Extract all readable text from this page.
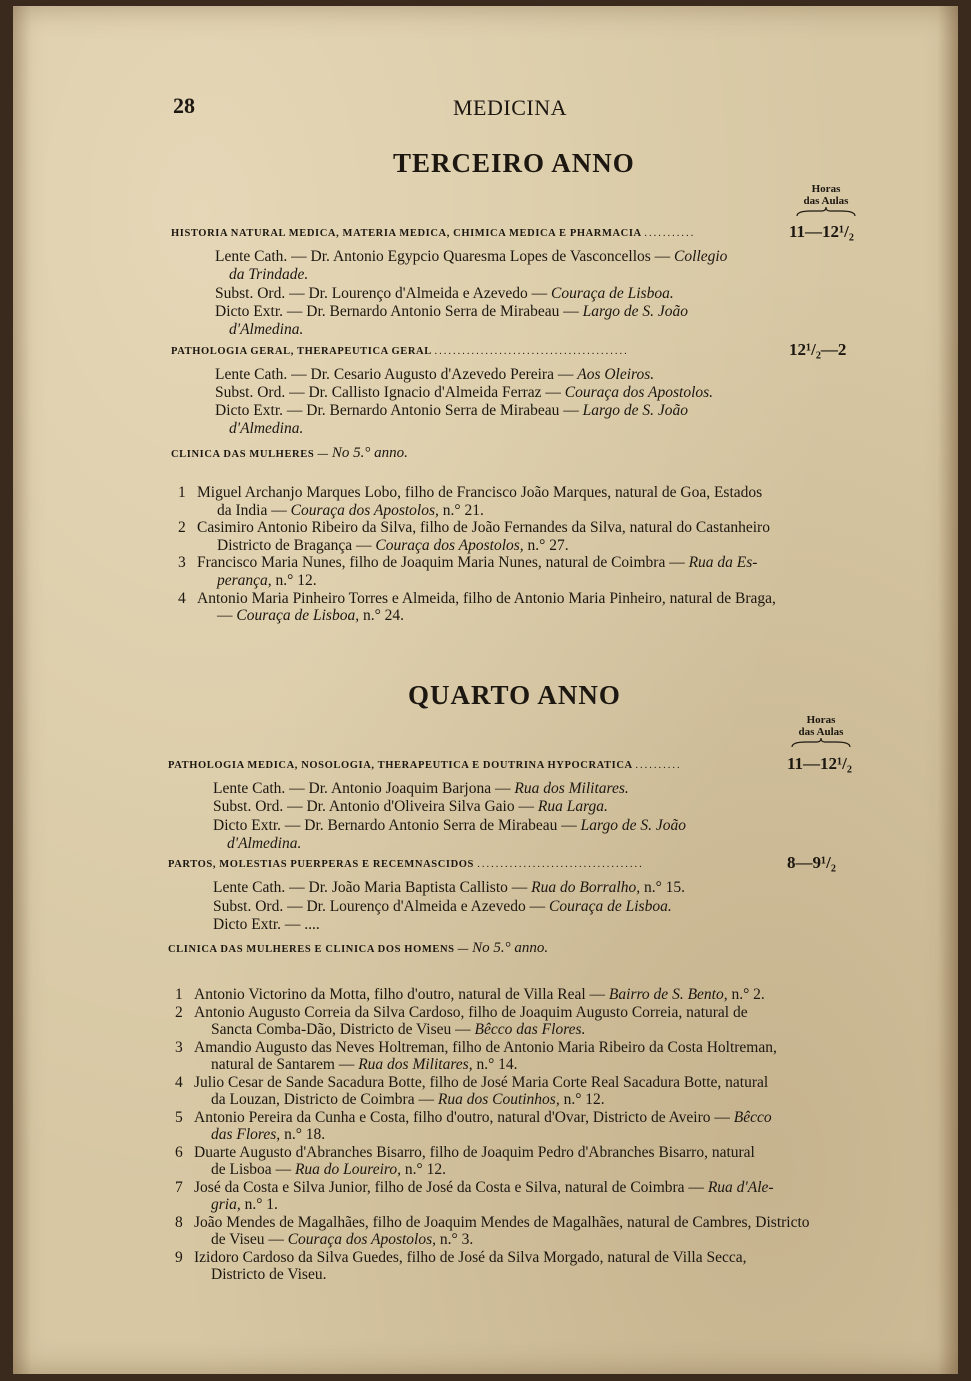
28	MEDICINA
TERCEIRO ANNO
Horas
das Aulas
QUARTO ANNO
Horas
das Aulas
HISTORIA NATURAL MEDICA, MATERIA MEDICA, CHIMICA MEDICA E PHARMACIA ...........	11—12¹/₂
Lente Cath. — Dr. Antonio Egypcio Quaresma Lopes de Vasconcellos — Collegio
da Trindade.
Subst. Ord. — Dr. Lourenço d'Almeida e Azevedo — Couraça de Lisboa.
Dicto Extr. — Dr. Bernardo Antonio Serra de Mirabeau — Largo de S. João
d'Almedina.
PATHOLOGIA GERAL, THERAPEUTICA GERAL ..........................................	12¹/₂—2
Lente Cath. — Dr. Cesario Augusto d'Azevedo Pereira — Aos Oleiros.
Subst. Ord. — Dr. Callisto Ignacio d'Almeida Ferraz — Couraça dos Apostolos.
Dicto Extr. — Dr. Bernardo Antonio Serra de Mirabeau — Largo de S. João
d'Almedina.
CLINICA DAS MULHERES — No 5.° anno.
1 Miguel Archanjo Marques Lobo, filho de Francisco João Marques, natural de Goa, Estados
da India — Couraça dos Apostolos, n.° 21.
2 Casimiro Antonio Ribeiro da Silva, filho de João Fernandes da Silva, natural do Castanheiro
Districto de Bragança — Couraça dos Apostolos, n.° 27.
3 Francisco Maria Nunes, filho de Joaquim Maria Nunes, natural de Coimbra — Rua da Es-
perança, n.° 12.
4 Antonio Maria Pinheiro Torres e Almeida, filho de Antonio Maria Pinheiro, natural de Braga,
— Couraça de Lisboa, n.° 24.
PATHOLOGIA MEDICA, NOSOLOGIA, THERAPEUTICA E DOUTRINA HYPOCRATICA ..........	11—12¹/₂
Lente Cath. — Dr. Antonio Joaquim Barjona — Rua dos Militares.
Subst. Ord. — Dr. Antonio d'Oliveira Silva Gaio — Rua Larga.
Dicto Extr. — Dr. Bernardo Antonio Serra de Mirabeau — Largo de S. João
d'Almedina.
PARTOS, MOLESTIAS PUERPERAS E RECEMNASCIDOS ....................................	8—9¹/₂
Lente Cath. — Dr. João Maria Baptista Callisto — Rua do Borralho, n.° 15.
Subst. Ord. — Dr. Lourenço d'Almeida e Azevedo — Couraça de Lisboa.
Dicto Extr. — ....
CLINICA DAS MULHERES E CLINICA DOS HOMENS — No 5.° anno.
1 Antonio Victorino da Motta, filho d'outro, natural de Villa Real — Bairro de S. Bento, n.° 2.
2 Antonio Augusto Correia da Silva Cardoso, filho de Joaquim Augusto Correia, natural de
Sancta Comba-Dão, Districto de Viseu — Bêcco das Flores.
3 Amandio Augusto das Neves Holtreman, filho de Antonio Maria Ribeiro da Costa Holtreman,
natural de Santarem — Rua dos Militares, n.° 14.
4 Julio Cesar de Sande Sacadura Botte, filho de José Maria Corte Real Sacadura Botte, natural
da Louzan, Districto de Coimbra — Rua dos Coutinhos, n.° 12.
5 Antonio Pereira da Cunha e Costa, filho d'outro, natural d'Ovar, Districto de Aveiro — Bêcco
das Flores, n.° 18.
6 Duarte Augusto d'Abranches Bisarro, filho de Joaquim Pedro d'Abranches Bisarro, natural
de Lisboa — Rua do Loureiro, n.° 12.
7 José da Costa e Silva Junior, filho de José da Costa e Silva, natural de Coimbra — Rua d'Ale-
gria, n.° 1.
8 João Mendes de Magalhães, filho de Joaquim Mendes de Magalhães, natural de Cambres, Districto
de Viseu — Couraça dos Apostolos, n.° 3.
9 Izidoro Cardoso da Silva Guedes, filho de José da Silva Morgado, natural de Villa Secca,
Districto de Viseu.
